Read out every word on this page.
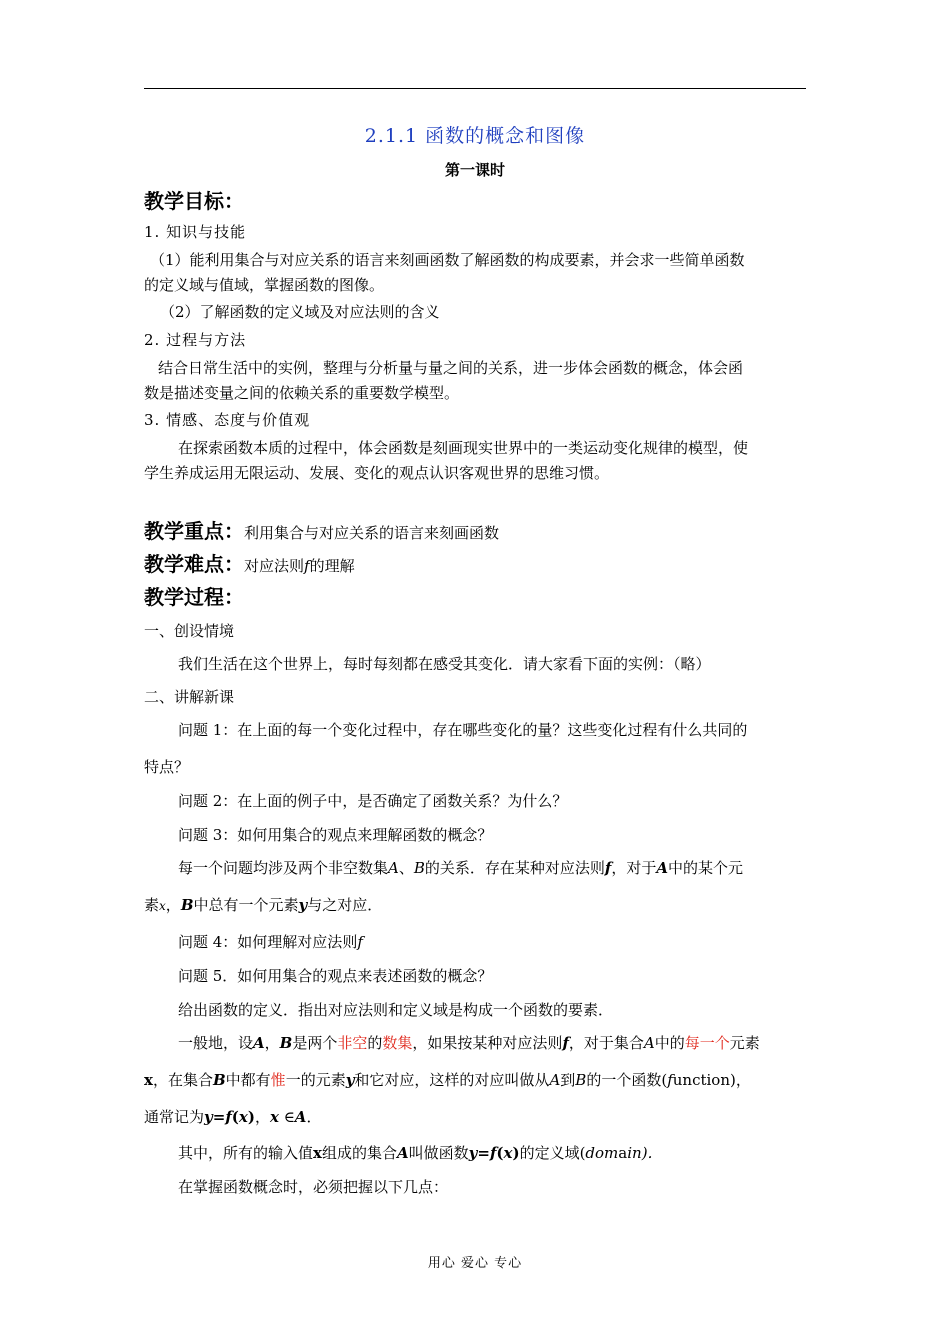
2.1.1 函数的概念和图像
第一课时
教学目标：
1. 知识与技能
（1）能利用集合与对应关系的语言来刻画函数了解函数的构成要素，并会求一些简单函数
的定义域与值域，掌握函数的图像。
（2）了解函数的定义域及对应法则的含义
2. 过程与方法
结合日常生活中的实例，整理与分析量与量之间的关系，进一步体会函数的概念，体会函
数是描述变量之间的依赖关系的重要数学模型。
3. 情感、态度与价值观
在探索函数本质的过程中，体会函数是刻画现实世界中的一类运动变化规律的模型，使
学生养成运用无限运动、发展、变化的观点认识客观世界的思维习惯。
教学重点：利用集合与对应关系的语言来刻画函数
教学难点：对应法则f的理解
教学过程：
一、创设情境
我们生活在这个世界上，每时每刻都在感受其变化．请大家看下面的实例：（略）
二、讲解新课
问题 1：在上面的每一个变化过程中，存在哪些变化的量？这些变化过程有什么共同的
特点？
问题 2：在上面的例子中，是否确定了函数关系？为什么？
问题 3：如何用集合的观点来理解函数的概念？
每一个问题均涉及两个非空数集A、B的关系．存在某种对应法则f，对于A中的某个元
素x，B中总有一个元素y与之对应．
问题 4：如何理解对应法则f
问题 5．如何用集合的观点来表述函数的概念？
给出函数的定义．指出对应法则和定义域是构成一个函数的要素．
一般地，设A，B是两个非空的数集，如果按某种对应法则f，对于集合A中的每一个元素
x，在集合B中都有惟一的元素y和它对应，这样的对应叫做从A到B的一个函数(function)，
通常记为y=f(x)，x ∈A．
其中，所有的输入值x组成的集合A叫做函数y=f(x)的定义域(domain)．
在掌握函数概念时，必须把握以下几点：
用心 爱心 专心
